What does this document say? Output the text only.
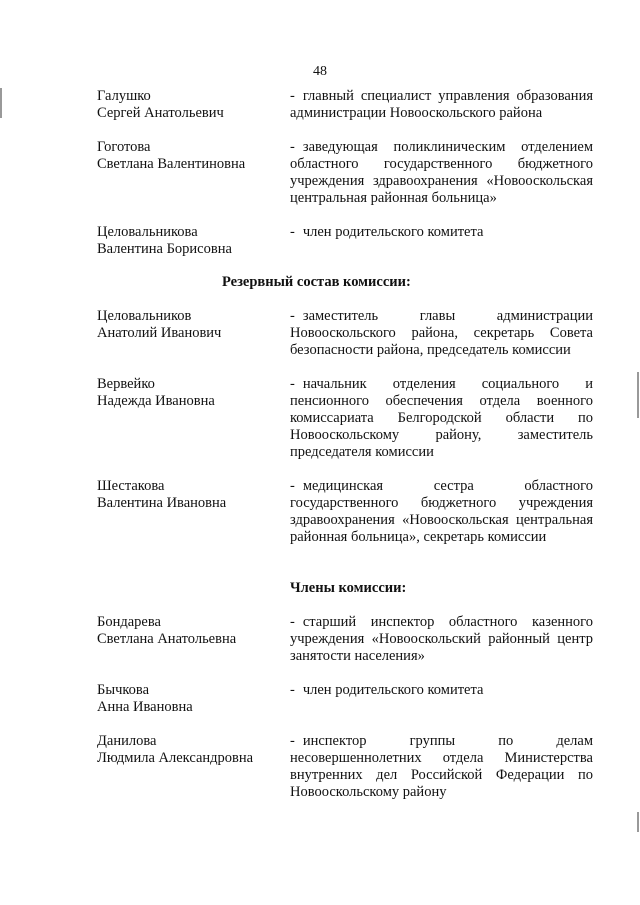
48
Галушко
Сергей Анатольевич
- главный специалист управления образования администрации Новооскольского района
Гоготова
Светлана Валентиновна
- заведующая поликлиническим отделением областного государственного бюджетного учреждения здравоохранения «Новооскольская центральная районная больница»
Целовальникова
Валентина Борисовна
- член родительского комитета
Резервный состав комиссии:
Целовальников
Анатолий Иванович
- заместитель главы администрации Новооскольского района, секретарь Совета безопасности района, председатель комиссии
Вервейко
Надежда Ивановна
- начальник отделения социального и пенсионного обеспечения отдела военного комиссариата Белгородской области по Новооскольскому району, заместитель председателя комиссии
Шестакова
Валентина Ивановна
- медицинская сестра областного государственного бюджетного учреждения здравоохранения «Новооскольская центральная районная больница», секретарь комиссии
Члены комиссии:
Бондарева
Светлана Анатольевна
- старший инспектор областного казенного учреждения «Новооскольский районный центр занятости населения»
Бычкова
Анна Ивановна
- член родительского комитета
Данилова
Людмила Александровна
- инспектор группы по делам несовершеннолетних отдела Министерства внутренних дел Российской Федерации по Новооскольскому району
